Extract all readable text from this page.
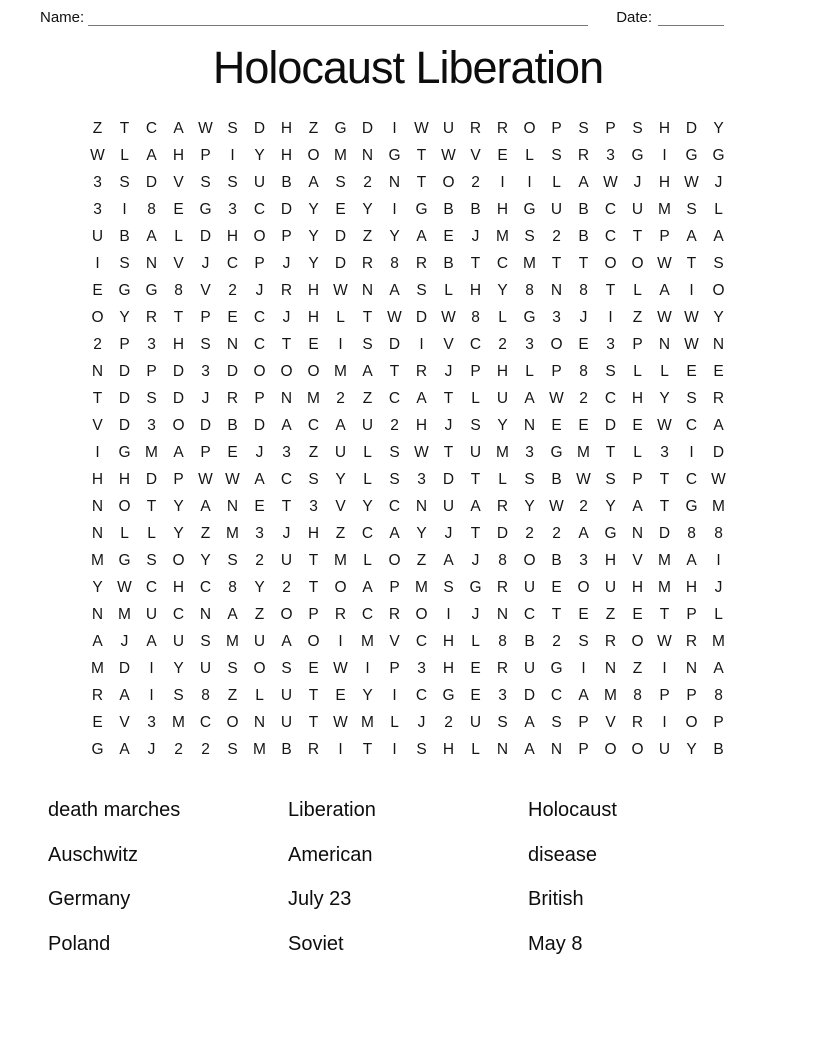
Name:	Date:
Holocaust Liberation
Z	T	C	A W S	D	H	Z	G D	I	W U	R	R O	P	S	P	S	H	D	Y
W L	A	H	P	I	Y	H O M N G	T W V	E	L	S	R	3	G	I	G G
3	S	D	V	S	S	U	B	A	S	2	N	T	O	2	I	I	L	A W	J	H W	J
3	I	8	E	G	3	C	D	Y	E	Y	I	G	B	B	H G U	B	C	U M S	L
U	B	A	L	D	H O	P	Y	D	Z	Y	A	E	J	M S	2	B	C	T	P	A	A
I	S	N	V	J	C	P	J	Y	D	R	8	R	B	T	C M	T	T	O O W T	S
E	G G	8	V	2	J	R	H W N	A	S	L	H	Y	8	N	8	T	L	A	I	O
O	Y	R	T	P	E	C	J	H	L	T W D W 8	L	G	3	J	I	Z W W Y
2	P	3	H	S	N	C	T	E	I	S	D	I	V	C	2	3	O	E	3	P	N W N
N	D	P	D	3	D O O O M A	T	R	J	P	H	L	P	8	S	L	L	E	E
T	D	S	D	J	R	P	N M	2	Z	C	A	T	L	U	A W 2	C	H	Y	S	R
V	D	3	O D	B	D	A	C	A	U	2	H	J	S	Y	N	E	E	D	E W C	A
I	G M A	P	E	J	3	Z	U	L	S W T	U M	3	G M	T	L	3	I	D
H	H	D	P W W A	C	S	Y	L	S	3	D	T	L	S	B W S	P	T	C W
N O	T	Y	A	N	E	T	3	V	Y	C	N	U	A	R	Y W 2	Y	A	T	G M
N	L	L	Y	Z	M	3	J	H	Z	C	A	Y	J	T	D	2	2	A	G N	D	8	8
M G	S	O	Y	S	2	U	T	M	L	O	Z	A	J	8	O	B	3	H	V M A	I
Y W C	H	C	8	Y	2	T	O	A	P M S	G R	U	E	O U	H M H	J
N M U	C	N	A	Z	O	P	R	C	R O	I	J	N	C	T	E	Z	E	T	P	L
A	J	A	U	S M U	A	O	I	M V	C	H	L	8	B	2	S	R O W R M
M D	I	Y	U	S	O	S	E W	I	P	3	H	E	R	U G	I	N	Z	I	N	A
R	A	I	S	8	Z	L	U	T	E	Y	I	C G	E	3	D	C	A M	8	P	P	8
E	V	3	M C O N	U	T W M	L	J	2	U	S	A	S	P	V	R	I	O	P
G	A	J	2	2	S M B	R	I	T	I	S	H	L	N	A	N	P	O O U	Y	B
death marches
Auschwitz
Germany
Poland
Liberation
American
July 23
Soviet
Holocaust
disease
British
May 8
